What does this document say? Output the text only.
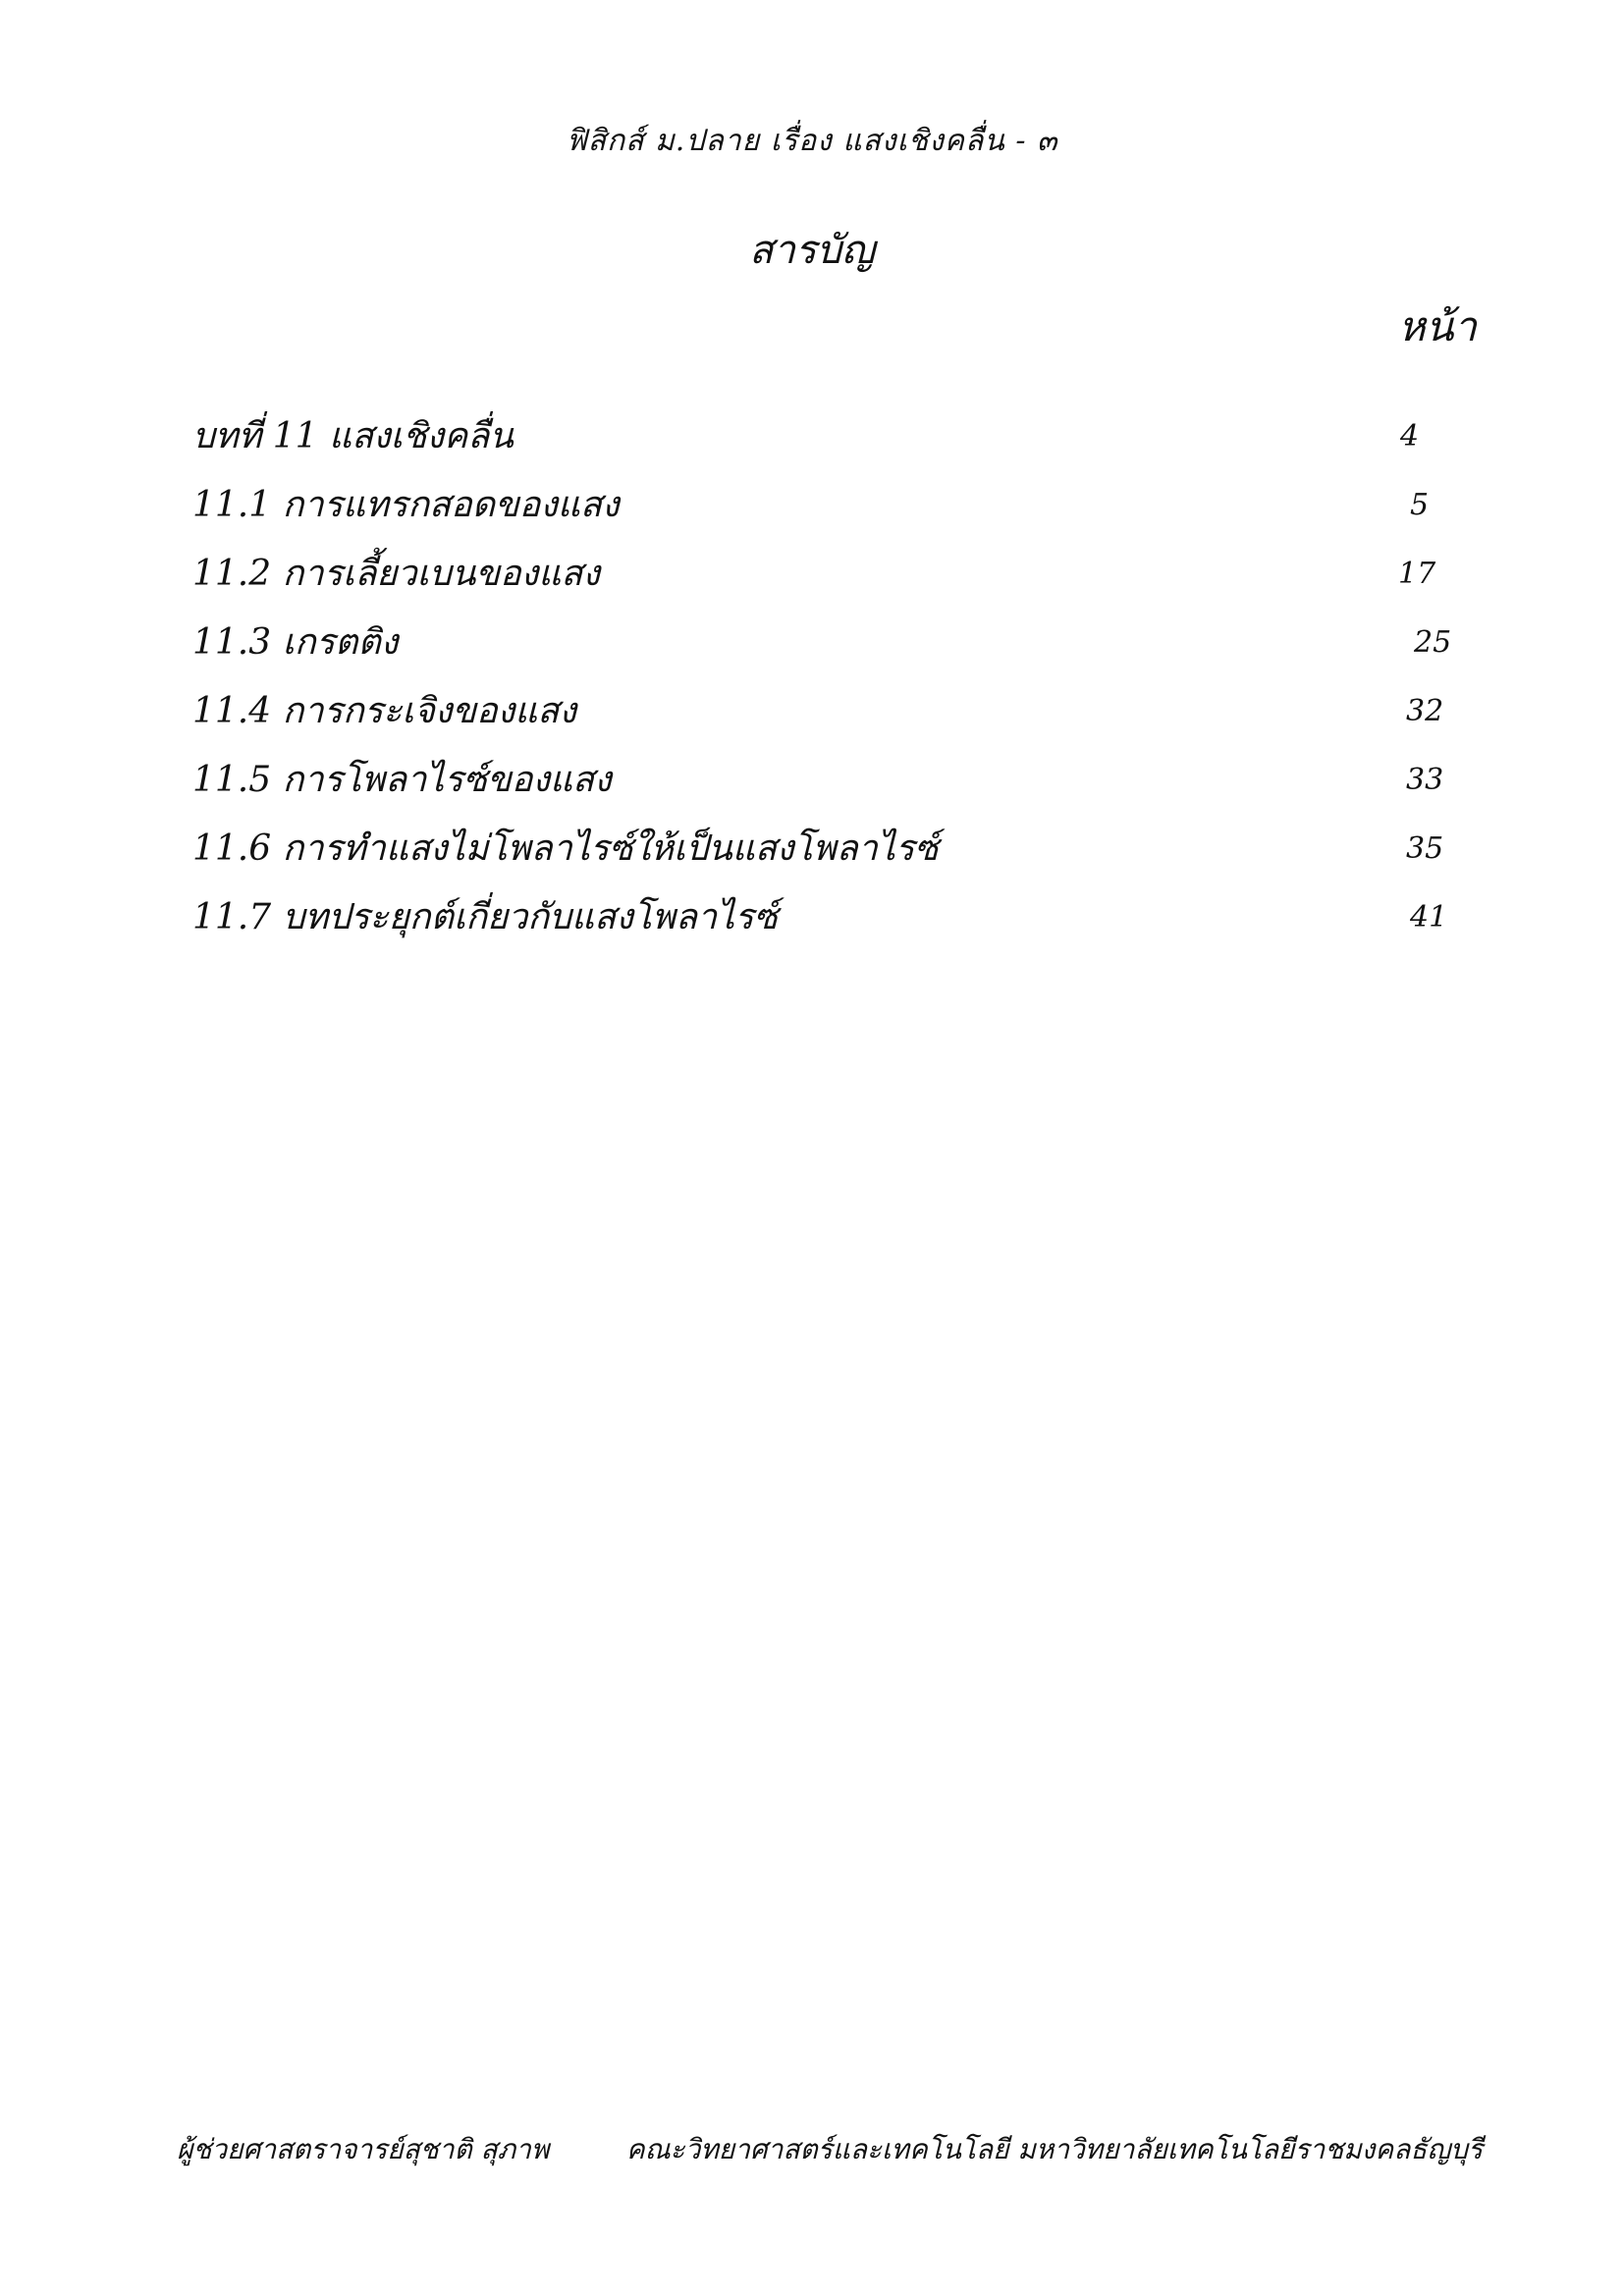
ฟิสิกส์ ม.ปลาย เรื่อง แสงเชิงคลื่น - ๓
สารบัญ
หน้า
บทที่ 11 แสงเชิงคลื่น	4
11.1 การแทรกสอดของแสง	5
11.2 การเลี้ยวเบนของแสง	17
11.3 เกรตติง	25
11.4 การกระเจิงของแสง	32
11.5 การโพลาไรซ์ของแสง	33
11.6 การทำแสงไม่โพลาไรซ์ให้เป็นแสงโพลาไรซ์	35
11.7 บทประยุกต์เกี่ยวกับแสงโพลาไรซ์	41
ผู้ช่วยศาสตราจารย์สุชาติ สุภาพ	คณะวิทยาศาสตร์และเทคโนโลยี มหาวิทยาลัยเทคโนโลยีราชมงคลธัญบุรี
